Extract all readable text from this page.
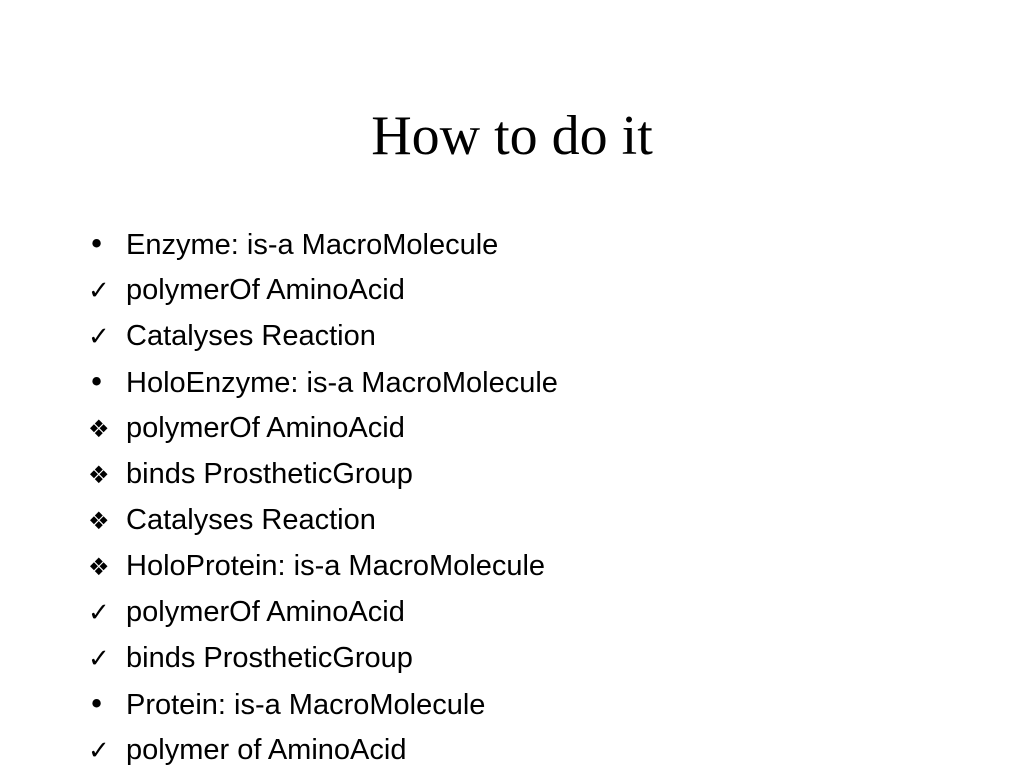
How to do it
• Enzyme: is-a MacroMolecule
✓ polymerOf AminoAcid
✓ Catalyses Reaction
• HoloEnzyme: is-a MacroMolecule
❖ polymerOf AminoAcid
❖ binds ProstheticGroup
❖ Catalyses Reaction
❖ HoloProtein: is-a MacroMolecule
✓ polymerOf AminoAcid
✓ binds ProstheticGroup
• Protein: is-a MacroMolecule
✓ polymer of AminoAcid
